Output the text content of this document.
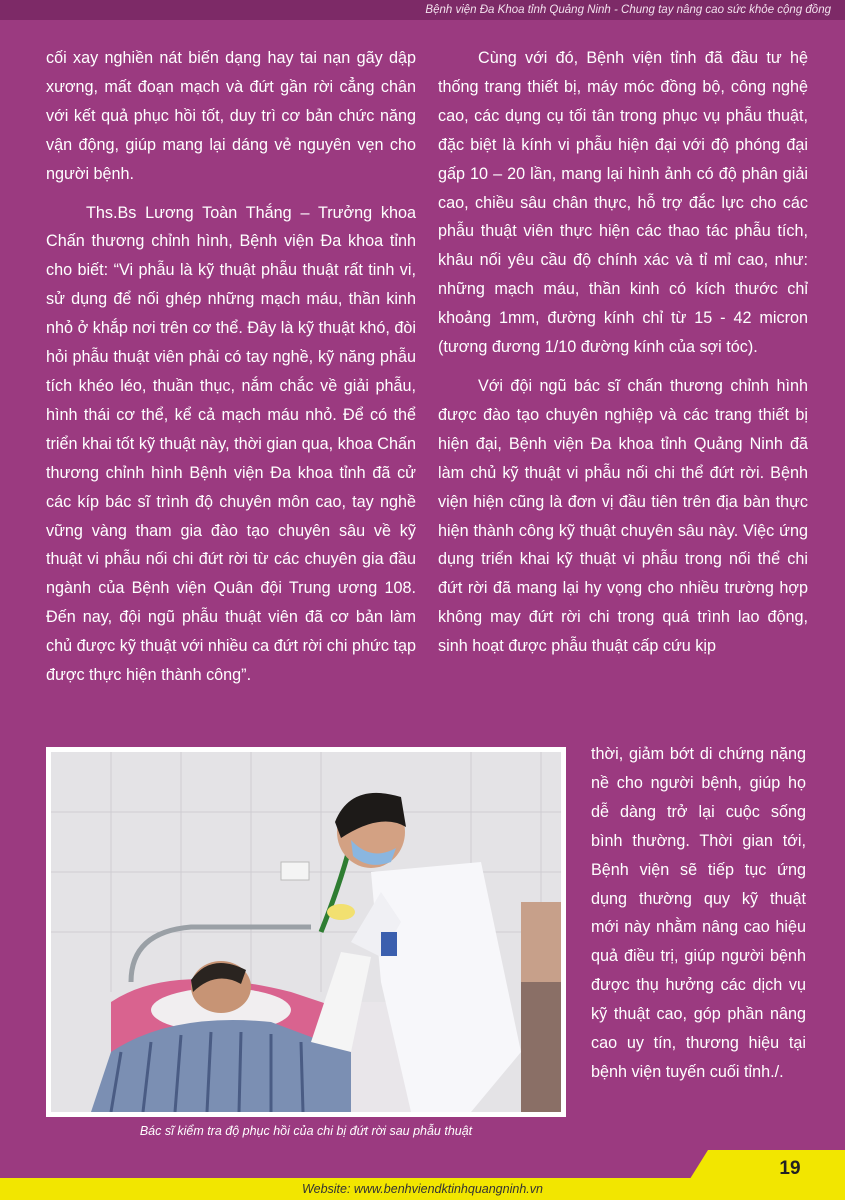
Bệnh viện Đa Khoa tỉnh Quảng Ninh - Chung tay nâng cao sức khỏe cộng đồng

cối xay nghiền nát biến dạng hay tai nạn gãy dập xương, mất đoạn mạch và đứt gần rời cẳng chân với kết quả phục hồi tốt, duy trì cơ bản chức năng vận động, giúp mang lại dáng vẻ nguyên vẹn cho người bệnh.

Ths.Bs Lương Toàn Thắng – Trưởng khoa Chấn thương chỉnh hình, Bệnh viện Đa khoa tỉnh cho biết: “Vi phẫu là kỹ thuật phẫu thuật rất tinh vi, sử dụng để nối ghép những mạch máu, thần kinh nhỏ ở khắp nơi trên cơ thể. Đây là kỹ thuật khó, đòi hỏi phẫu thuật viên phải có tay nghề, kỹ năng phẫu tích khéo léo, thuần thục, nắm chắc về giải phẫu, hình thái cơ thể, kể cả mạch máu nhỏ. Để có thể triển khai tốt kỹ thuật này, thời gian qua, khoa Chấn thương chỉnh hình Bệnh viện Đa khoa tỉnh đã cử các kíp bác sĩ trình độ chuyên môn cao, tay nghề vững vàng tham gia đào tạo chuyên sâu về kỹ thuật vi phẫu nối chi đứt rời từ các chuyên gia đầu ngành của Bệnh viện Quân đội Trung ương 108. Đến nay, đội ngũ phẫu thuật viên đã cơ bản làm chủ được kỹ thuật với nhiều ca đứt rời chi phức tạp được thực hiện thành công”.

Cùng với đó, Bệnh viện tỉnh đã đầu tư hệ thống trang thiết bị, máy móc đồng bộ, công nghệ cao, các dụng cụ tối tân trong phục vụ phẫu thuật, đặc biệt là kính vi phẫu hiện đại với độ phóng đại gấp 10 – 20 lần, mang lại hình ảnh có độ phân giải cao, chiều sâu chân thực, hỗ trợ đắc lực cho các phẫu thuật viên thực hiện các thao tác phẫu tích, khâu nối yêu cầu độ chính xác và tỉ mỉ cao, như: những mạch máu, thần kinh có kích thước chỉ khoảng 1mm, đường kính chỉ từ 15 - 42 micron (tương đương 1/10 đường kính của sợi tóc).

Với đội ngũ bác sĩ chấn thương chỉnh hình được đào tạo chuyên nghiệp và các trang thiết bị hiện đại, Bệnh viện Đa khoa tỉnh Quảng Ninh đã làm chủ kỹ thuật vi phẫu nối chi thể đứt rời. Bệnh viện hiện cũng là đơn vị đầu tiên trên địa bàn thực hiện thành công kỹ thuật chuyên sâu này. Việc ứng dụng triển khai kỹ thuật vi phẫu trong nối thể chi đứt rời đã mang lại hy vọng cho nhiều trường hợp không may đứt rời chi trong quá trình lao động, sinh hoạt được phẫu thuật cấp cứu kịp

thời, giảm bớt di chứng nặng nề cho người bệnh, giúp họ dễ dàng trở lại cuộc sống bình thường. Thời gian tới, Bệnh viện sẽ tiếp tục ứng dụng thường quy kỹ thuật mới này nhằm nâng cao hiệu quả điều trị, giúp người bệnh được thụ hưởng các dịch vụ kỹ thuật cao, góp phần nâng cao uy tín, thương hiệu tại bệnh viện tuyến cuối tỉnh./.

Bác sĩ kiểm tra độ phục hồi của chi bị đứt rời sau phẫu thuật
Website: www.benhviendktinhquangninh.vn
19
